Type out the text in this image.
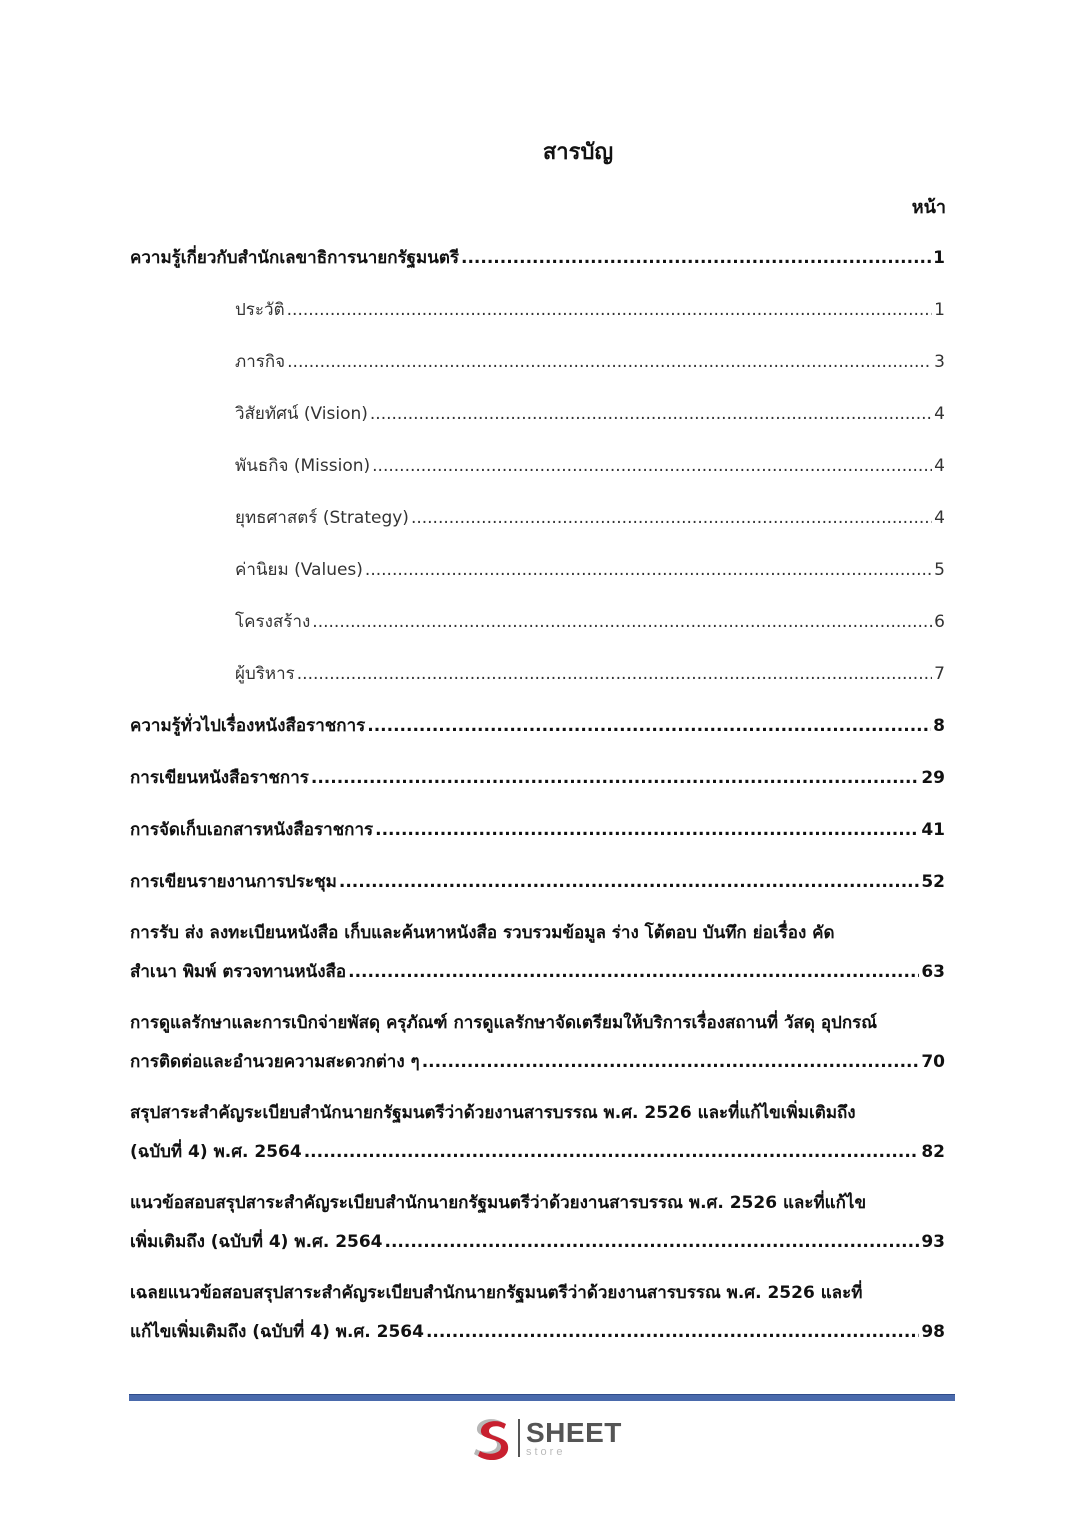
สารบัญ
หน้า
ความรู้เกี่ยวกับสำนักเลขาธิการนายกรัฐมนตรี .....	1
ประวัติ .....	1
ภารกิจ .....	3
วิสัยทัศน์ (Vision) .....	4
พันธกิจ (Mission) .....	4
ยุทธศาสตร์ (Strategy) .....	4
ค่านิยม (Values) .....	5
โครงสร้าง .....	6
ผู้บริหาร .....	7
ความรู้ทั่วไปเรื่องหนังสือราชการ .....	8
การเขียนหนังสือราชการ .....	29
การจัดเก็บเอกสารหนังสือราชการ .....	41
การเขียนรายงานการประชุม .....	52
การรับ ส่ง ลงทะเบียนหนังสือ เก็บและค้นหาหนังสือ รวบรวมข้อมูล ร่าง โต้ตอบ บันทึก ย่อเรื่อง คัด
สำเนา พิมพ์ ตรวจทานหนังสือ .....	63
การดูแลรักษาและการเบิกจ่ายพัสดุ ครุภัณฑ์ การดูแลรักษาจัดเตรียมให้บริการเรื่องสถานที่ วัสดุ อุปกรณ์
การติดต่อและอำนวยความสะดวกต่าง ๆ .....	70
สรุปสาระสำคัญระเบียบสำนักนายกรัฐมนตรีว่าด้วยงานสารบรรณ พ.ศ. 2526 และที่แก้ไขเพิ่มเติมถึง
(ฉบับที่ 4) พ.ศ. 2564 .....	82
แนวข้อสอบสรุปสาระสำคัญระเบียบสำนักนายกรัฐมนตรีว่าด้วยงานสารบรรณ พ.ศ. 2526 และที่แก้ไข
เพิ่มเติมถึง (ฉบับที่ 4) พ.ศ. 2564 .....	93
เฉลยแนวข้อสอบสรุปสาระสำคัญระเบียบสำนักนายกรัฐมนตรีว่าด้วยงานสารบรรณ พ.ศ. 2526 และที่
แก้ไขเพิ่มเติมถึง (ฉบับที่ 4) พ.ศ. 2564 .....	98
SHEET
store
